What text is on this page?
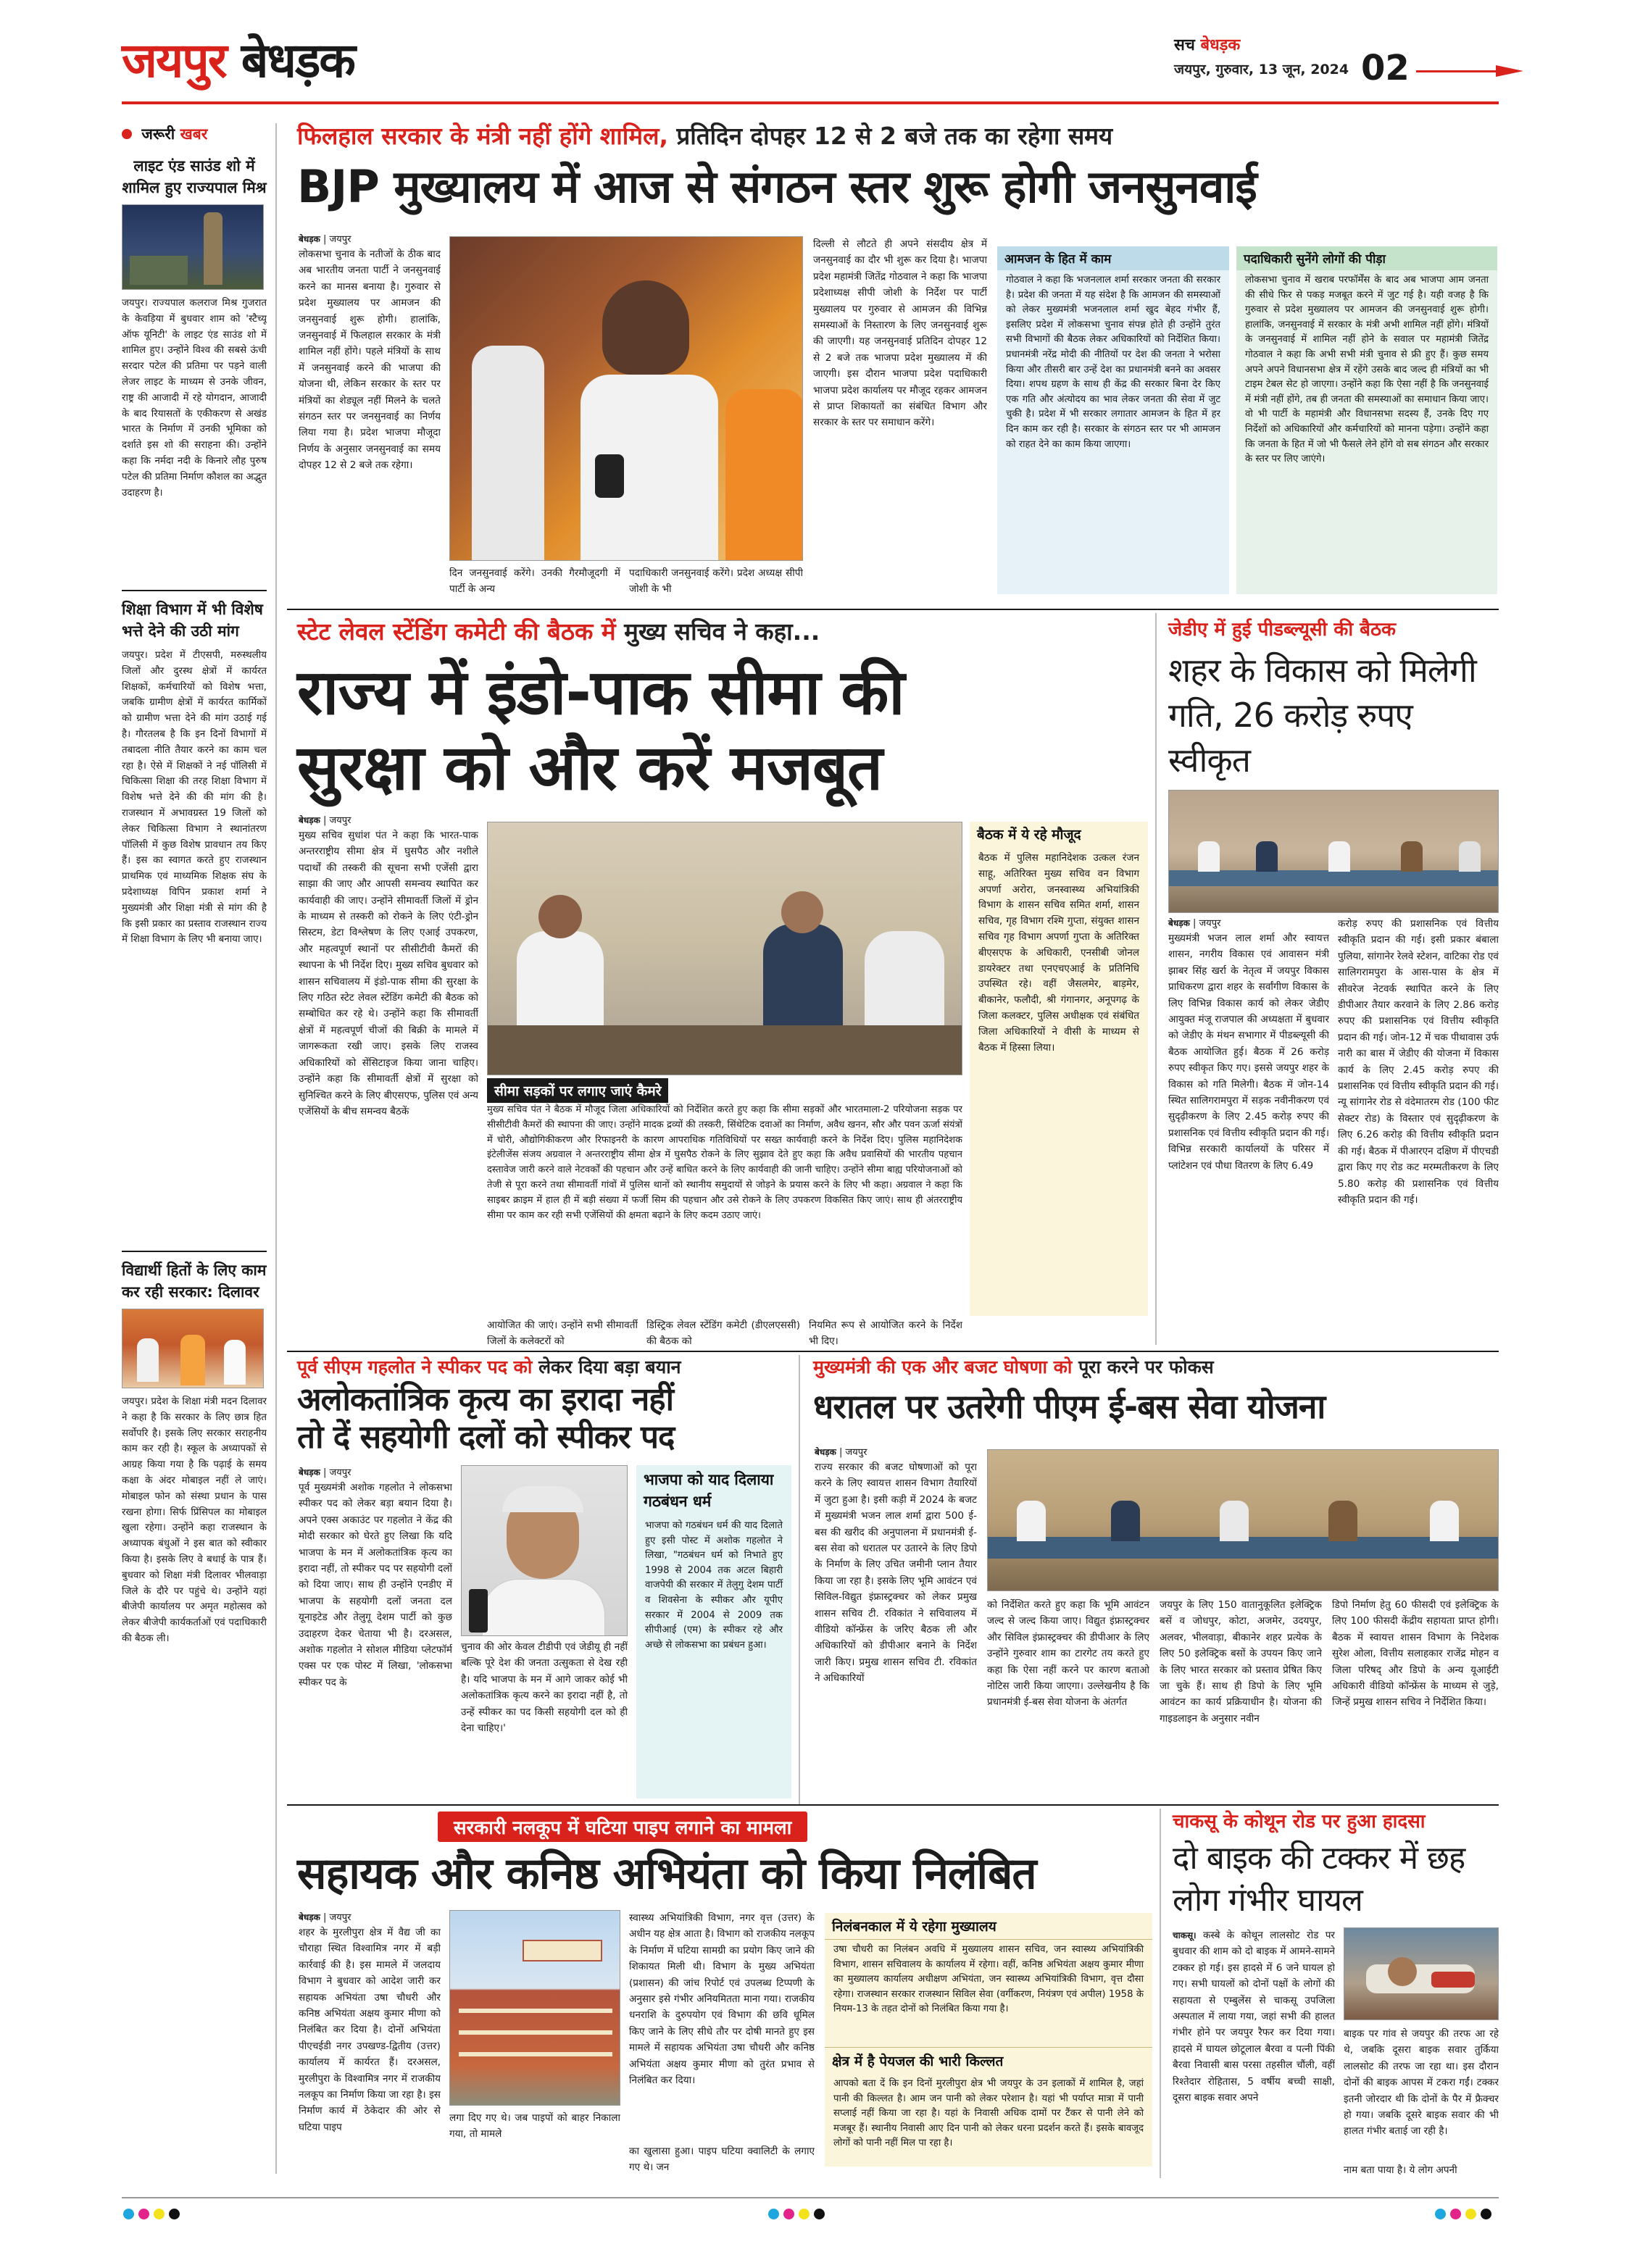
जयपुर बेधड़क	सच बेधड़क
जयपुर, गुरुवार, 13 जून, 2024 02
जरूरी खबर
लाइट एंड साउंड शो में शामिल हुए राज्यपाल मिश्र
जयपुर। राज्यपाल कलराज मिश्र गुजरात के केवड़िया में बुधवार शाम को 'स्टैच्यू ऑफ यूनिटी' के लाइट एंड साउंड शो में शामिल हुए। उन्होंने विश्व की सबसे ऊंची सरदार पटेल की प्रतिमा पर पड़ने वाली लेजर लाइट के माध्यम से उनके जीवन, राष्ट्र की आजादी में रहे योगदान, आजादी के बाद रियासतों के एकीकरण से अखंड भारत के निर्माण में उनकी भूमिका को दर्शाते इस शो की सराहना की। उन्होंने कहा कि नर्मदा नदी के किनारे लौह पुरुष पटेल की प्रतिमा निर्माण कौशल का अद्भुत उदाहरण है।
शिक्षा विभाग में भी विशेष भत्ते देने की उठी मांग
जयपुर। प्रदेश में टीएसपी, मरुस्थलीय जिलों और दुरस्थ क्षेत्रों में कार्यरत शिक्षकों, कर्मचारियों को विशेष भत्ता, जबकि ग्रामीण क्षेत्रों में कार्यरत कार्मिकों को ग्रामीण भत्ता देने की मांग उठाई गई है। गौरतलब है कि इन दिनों विभागों में तबादला नीति तैयार करने का काम चल रहा है। ऐसे में शिक्षकों ने नई पॉलिसी में चिकित्सा शिक्षा की तरह शिक्षा विभाग में विशेष भत्ते देने की की मांग की है। राजस्थान में अभावग्रस्त 19 जिलों को लेकर चिकित्सा विभाग ने स्थानांतरण पॉलिसी में कुछ विशेष प्रावधान तय किए हैं। इस का स्वागत करते हुए राजस्थान प्राथमिक एवं माध्यमिक शिक्षक संघ के प्रदेशाध्यक्ष विपिन प्रकाश शर्मा ने मुख्यमंत्री और शिक्षा मंत्री से मांग की है कि इसी प्रकार का प्रस्ताव राजस्थान राज्य में शिक्षा विभाग के लिए भी बनाया जाए।
विद्यार्थी हितों के लिए काम कर रही सरकार: दिलावर
जयपुर। प्रदेश के शिक्षा मंत्री मदन दिलावर ने कहा है कि सरकार के लिए छात्र हित सर्वोपरि है। इसके लिए सरकार सराहनीय काम कर रही है। स्कूल के अध्यापकों से आग्रह किया गया है कि पढ़ाई के समय कक्षा के अंदर मोबाइल नहीं ले जाएं। मोबाइल फोन को संस्था प्रधान के पास रखना होगा। सिर्फ प्रिंसिपल का मोबाइल खुला रहेगा। उन्होंने कहा राजस्थान के अध्यापक बंधुओं ने इस बात को स्वीकार किया है। इसके लिए वे बधाई के पात्र हैं। बुधवार को शिक्षा मंत्री दिलावर भीलवाड़ा जिले के दौरे पर पहुंचे थे। उन्होंने यहां बीजेपी कार्यालय पर अमृत महोत्सव को लेकर बीजेपी कार्यकर्ताओं एवं पदाधिकारी की बैठक ली।
फिलहाल सरकार के मंत्री नहीं होंगे शामिल, प्रतिदिन दोपहर 12 से 2 बजे तक का रहेगा समय
BJP मुख्यालय में आज से संगठन स्तर शुरू होगी जनसुनवाई
बेधड़क | जयपुर
लोकसभा चुनाव के नतीजों के ठीक बाद अब भारतीय जनता पार्टी ने जनसुनवाई करने का मानस बनाया है। गुरुवार से प्रदेश मुख्यालय पर आमजन की जनसुनवाई शुरू होगी। हालांकि, जनसुनवाई में फिलहाल सरकार के मंत्री शामिल नहीं होंगे। पहले मंत्रियों के साथ में जनसुनवाई करने की भाजपा की योजना थी, लेकिन सरकार के स्तर पर मंत्रियों का शेड्यूल नहीं मिलने के चलते संगठन स्तर पर जनसुनवाई का निर्णय लिया गया है। प्रदेश भाजपा मौजूदा निर्णय के अनुसार जनसुनवाई का समय दोपहर 12 से 2 बजे तक रहेगा।
दिन जनसुनवाई करेंगे। उनकी गैरमौजूदगी में पार्टी के अन्य
पदाधिकारी जनसुनवाई करेंगे। प्रदेश अध्यक्ष सीपी जोशी के भी
दिल्ली से लौटते ही अपने संसदीय क्षेत्र में जनसुनवाई का दौर भी शुरू कर दिया है। भाजपा प्रदेश महामंत्री जितेंद्र गोठवाल ने कहा कि भाजपा प्रदेशाध्यक्ष सीपी जोशी के निर्देश पर पार्टी मुख्यालय पर गुरुवार से आमजन की विभिन्न समस्याओं के निस्तारण के लिए जनसुनवाई शुरू की जाएगी। यह जनसुनवाई प्रतिदिन दोपहर 12 से 2 बजे तक भाजपा प्रदेश मुख्यालय में की जाएगी। इस दौरान भाजपा प्रदेश पदाधिकारी भाजपा प्रदेश कार्यालय पर मौजूद रहकर आमजन से प्राप्त शिकायतों का संबंधित विभाग और सरकार के स्तर पर समाधान करेंगे।
आमजन के हित में काम
गोठवाल ने कहा कि भजनलाल शर्मा सरकार जनता की सरकार है। प्रदेश की जनता में यह संदेश है कि आमजन की समस्याओं को लेकर मुख्यमंत्री भजनलाल शर्मा खुद बेहद गंभीर हैं, इसलिए प्रदेश में लोकसभा चुनाव संपन्न होते ही उन्होंने तुरंत सभी विभागों की बैठक लेकर अधिकारियों को निर्देशित किया। प्रधानमंत्री नरेंद्र मोदी की नीतियों पर देश की जनता ने भरोसा किया और तीसरी बार उन्हें देश का प्रधानमंत्री बनने का अवसर दिया। शपथ ग्रहण के साथ ही केंद्र की सरकार बिना देर किए एक गति और अंत्योदय का भाव लेकर जनता की सेवा में जुट चुकी है। प्रदेश में भी सरकार लगातार आमजन के हित में हर दिन काम कर रही है। सरकार के संगठन स्तर पर भी आमजन को राहत देने का काम किया जाएगा।
पदाधिकारी सुनेंगे लोगों की पीड़ा
लोकसभा चुनाव में खराब परफॉर्मेंस के बाद अब भाजपा आम जनता की सीधे फिर से पकड़ मजबूत करने में जुट गई है। यही वजह है कि गुरुवार से प्रदेश मुख्यालय पर आमजन की जनसुनवाई शुरू होगी। हालांकि, जनसुनवाई में सरकार के मंत्री अभी शामिल नहीं होंगे। मंत्रियों के जनसुनवाई में शामिल नहीं होने के सवाल पर महामंत्री जितेंद्र गोठवाल ने कहा कि अभी सभी मंत्री चुनाव से फ्री हुए हैं। कुछ समय अपने अपने विधानसभा क्षेत्र में रहेंगे उसके बाद जल्द ही मंत्रियों का भी टाइम टेबल सेट हो जाएगा। उन्होंने कहा कि ऐसा नहीं है कि जनसुनवाई में मंत्री नहीं होंगे, तब ही जनता की समस्याओं का समाधान किया जाए। वो भी पार्टी के महामंत्री और विधानसभा सदस्य हैं, उनके दिए गए निर्देशों को अधिकारियों और कर्मचारियों को मानना पड़ेगा। उन्होंने कहा कि जनता के हित में जो भी फैसले लेने होंगे वो सब संगठन और सरकार के स्तर पर लिए जाएंगे।
स्टेट लेवल स्टेंडिंग कमेटी की बैठक में मुख्य सचिव ने कहा...
राज्य में इंडो-पाक सीमा की
सुरक्षा को और करें मजबूत
बेधड़क | जयपुर
मुख्य सचिव सुधांश पंत ने कहा कि भारत-पाक अन्तरराष्ट्रीय सीमा क्षेत्र में घुसपैठ और नशीले पदार्थों की तस्करी की सूचना सभी एजेंसी द्वारा साझा की जाए और आपसी समन्वय स्थापित कर कार्यवाही की जाए। उन्होंने सीमावर्ती जिलों में ड्रोन के माध्यम से तस्करी को रोकने के लिए एंटी-ड्रोन सिस्टम, डेटा विश्लेषण के लिए एआई उपकरण, और महत्वपूर्ण स्थानों पर सीसीटीवी कैमरों की स्थापना के भी निर्देश दिए। मुख्य सचिव बुधवार को शासन सचिवालय में इंडो-पाक सीमा की सुरक्षा के लिए गठित स्टेट लेवल स्टेंडिंग कमेटी की बैठक को सम्बोधित कर रहे थे। उन्होंने कहा कि सीमावर्ती क्षेत्रों में महत्वपूर्ण चीजों की बिक्री के मामले में जागरूकता रखी जाए। इसके लिए राजस्व अधिकारियों को सेंसिटाइज किया जाना चाहिए। उन्होंने कहा कि सीमावर्ती क्षेत्रों में सुरक्षा को सुनिश्चित करने के लिए बीएसएफ, पुलिस एवं अन्य एजेंसियों के बीच समन्वय बैठकें
बैठक में ये रहे मौजूद
बैठक में पुलिस महानिदेशक उत्कल रंजन साहू, अतिरिक्त मुख्य सचिव वन विभाग अपर्णा अरोरा, जनस्वास्थ्य अभियांत्रिकी विभाग के शासन सचिव समित शर्मा, शासन सचिव, गृह विभाग रश्मि गुप्ता, संयुक्त शासन सचिव गृह विभाग अपर्णा गुप्ता के अतिरिक्त बीएसएफ के अधिकारी, एनसीबी जोनल डायरेक्टर तथा एनएचएआई के प्रतिनिधि उपस्थित रहे। वहीं जैसलमेर, बाड़मेर, बीकानेर, फलौदी, श्री गंगानगर, अनूपगढ़ के जिला कलक्टर, पुलिस अधीक्षक एवं संबंधित जिला अधिकारियों ने वीसी के माध्यम से बैठक में हिस्सा लिया।
सीमा सड़कों पर लगाए जाएं कैमरे
मुख्य सचिव पंत ने बैठक में मौजूद जिला अधिकारियों को निर्देशित करते हुए कहा कि सीमा सड़कों और भारतमाला-2 परियोजना सड़क पर सीसीटीवी कैमरों की स्थापना की जाए। उन्होंने मादक द्रव्यों की तस्करी, सिंथेटिक दवाओं का निर्माण, अवैध खनन, सौर और पवन ऊर्जा संयंत्रों में चोरी, औद्योगिकीकरण और रिफाइनरी के कारण आपराधिक गतिविधियों पर सख्त कार्यवाही करने के निर्देश दिए। पुलिस महानिदेशक इंटेलीजेंस संजय अग्रवाल ने अन्तरराष्ट्रीय सीमा क्षेत्र में घुसपैठ रोकने के लिए सुझाव देते हुए कहा कि अवैध प्रवासियों की भारतीय पहचान दस्तावेज जारी करने वाले नेटवर्कों की पहचान और उन्हें बाधित करने के लिए कार्यवाही की जानी चाहिए। उन्होंने सीमा बाह्य परियोजनाओं को तेजी से पूरा करने तथा सीमावर्ती गांवों में पुलिस थानों को स्थानीय समुदायों से जोड़ने के प्रयास करने के लिए भी कहा। अग्रवाल ने कहा कि साइबर क्राइम में हाल ही में बड़ी संख्या में फर्जी सिम की पहचान और उसे रोकने के लिए उपकरण विकसित किए जाएं। साथ ही अंतरराष्ट्रीय सीमा पर काम कर रही सभी एजेंसियों की क्षमता बढ़ाने के लिए कदम उठाए जाएं।
आयोजित की जाएं। उन्होंने सभी सीमावर्ती जिलों के कलेक्टरों को
डिस्ट्रिक लेवल स्टेंडिंग कमेटी (डीएलएससी) की बैठक को
नियमित रूप से आयोजित करने के निर्देश भी दिए।
जेडीए में हुई पीडब्ल्यूसी की बैठक
शहर के विकास को मिलेगी गति, 26 करोड़ रुपए स्वीकृत
बेधड़क | जयपुर
मुख्यमंत्री भजन लाल शर्मा और स्वायत्त शासन, नगरीय विकास एवं आवासन मंत्री झाबर सिंह खर्रा के नेतृत्व में जयपुर विकास प्राधिकरण द्वारा शहर के सर्वांगीण विकास के लिए विभिन्न विकास कार्य को लेकर जेडीए आयुक्त मंजू राजपाल की अध्यक्षता में बुधवार को जेडीए के मंथन सभागार में पीडब्ल्यूसी की बैठक आयोजित हुई। बैठक में 26 करोड़ रुपए स्वीकृत किए गए। इससे जयपुर शहर के विकास को गति मिलेगी। बैठक में जोन-14 स्थित सालिगरामपुरा में सड़क नवीनीकरण एवं सुदृढ़ीकरण के लिए 2.45 करोड़ रुपए की प्रशासनिक एवं वित्तीय स्वीकृति प्रदान की गई। विभिन्न सरकारी कार्यालयों के परिसर में प्लांटेशन एवं पौधा वितरण के लिए 6.49
करोड़ रुपए की प्रशासनिक एवं वित्तीय स्वीकृति प्रदान की गई। इसी प्रकार बंबाला पुलिया, सांगानेर रेलवे स्टेशन, वाटिका रोड एवं सालिगरामपुरा के आस-पास के क्षेत्र में सीवरेज नेटवर्क स्थापित करने के लिए डीपीआर तैयार करवाने के लिए 2.86 करोड़ रुपए की प्रशासनिक एवं वित्तीय स्वीकृति प्रदान की गई। जोन-12 में चक पीथावास उर्फ नारी का बास में जेडीए की योजना में विकास कार्य के लिए 2.45 करोड़ रुपए की प्रशासनिक एवं वित्तीय स्वीकृति प्रदान की गई। न्यू सांगानेर रोड से वंदेमातरम रोड (100 फीट सेक्टर रोड) के विस्तार एवं सुदृढ़ीकरण के लिए 6.26 करोड़ की वित्तीय स्वीकृति प्रदान की गई। बैठक में पीआरएन दक्षिण में पीएचडी द्वारा किए गए रोड कट मरम्मतीकरण के लिए 5.80 करोड़ की प्रशासनिक एवं वित्तीय स्वीकृति प्रदान की गई।
पूर्व सीएम गहलोत ने स्पीकर पद को लेकर दिया बड़ा बयान
अलोकतांत्रिक कृत्य का इरादा नहीं
तो दें सहयोगी दलों को स्पीकर पद
बेधड़क | जयपुर
पूर्व मुख्यमंत्री अशोक गहलोत ने लोकसभा स्पीकर पद को लेकर बड़ा बयान दिया है। अपने एक्स अकाउंट पर गहलोत ने केंद्र की मोदी सरकार को घेरते हुए लिखा कि यदि भाजपा के मन में अलोकतांत्रिक कृत्य का इरादा नहीं, तो स्पीकर पद पर सहयोगी दलों को दिया जाए। साथ ही उन्होंने एनडीए में भाजपा के सहयोगी दलों जनता दल यूनाइटेड और तेलुगू देशम पार्टी को कुछ उदाहरण देकर चेताया भी है। दरअसल, अशोक गहलोत ने सोशल मीडिया प्लेटफॉर्म एक्स पर एक पोस्ट में लिखा, 'लोकसभा स्पीकर पद के
चुनाव की ओर केवल टीडीपी एवं जेडीयू ही नहीं बल्कि पूरे देश की जनता उत्सुकता से देख रही है। यदि भाजपा के मन में आगे जाकर कोई भी अलोकतांत्रिक कृत्य करने का इरादा नहीं है, तो उन्हें स्पीकर का पद किसी सहयोगी दल को ही देना चाहिए।'
भाजपा को याद दिलाया गठबंधन धर्म
भाजपा को गठबंधन धर्म की याद दिलाते हुए इसी पोस्ट में अशोक गहलोत ने लिखा, "गठबंधन धर्म को निभाते हुए 1998 से 2004 तक अटल बिहारी वाजपेयी की सरकार में तेलुगु देशम पार्टी व शिवसेना के स्पीकर और यूपीए सरकार में 2004 से 2009 तक सीपीआई (एम) के स्पीकर रहे और अच्छे से लोकसभा का प्रबंधन हुआ।
मुख्यमंत्री की एक और बजट घोषणा को पूरा करने पर फोकस
धरातल पर उतरेगी पीएम ई-बस सेवा योजना
बेधड़क | जयपुर
राज्य सरकार की बजट घोषणाओं को पूरा करने के लिए स्वायत्त शासन विभाग तैयारियों में जुटा हुआ है। इसी कड़ी में 2024 के बजट में मुख्यमंत्री भजन लाल शर्मा द्वारा 500 ई-बस की खरीद की अनुपालना में प्रधानमंत्री ई-बस सेवा को धरातल पर उतारने के लिए डिपो के निर्माण के लिए उचित जमीनी प्लान तैयार किया जा रहा है। इसके लिए भूमि आवंटन एवं सिविल-विद्युत इंफ्रास्ट्रक्चर को लेकर प्रमुख शासन सचिव टी. रविकांत ने सचिवालय में वीडियो कॉन्फ्रेंस के जरिए बैठक ली और अधिकारियों को डीपीआर बनाने के निर्देश जारी किए। प्रमुख शासन सचिव टी. रविकांत ने अधिकारियों
को निर्देशित करते हुए कहा कि भूमि आवंटन जल्द से जल्द किया जाए। विद्युत इंफ्रास्ट्रक्चर और सिविल इंफ्रास्ट्रक्चर की डीपीआर के लिए उन्होंने गुरुवार शाम का टारगेट तय करते हुए कहा कि ऐसा नहीं करने पर कारण बताओ नोटिस जारी किया जाएगा। उल्लेखनीय है कि प्रधानमंत्री ई-बस सेवा योजना के अंतर्गत
जयपुर के लिए 150 वातानुकूलित इलेक्ट्रिक बसें व जोधपुर, कोटा, अजमेर, उदयपुर, अलवर, भीलवाड़ा, बीकानेर शहर प्रत्येक के लिए 50 इलेक्ट्रिक बसों के उपयन किए जाने के लिए भारत सरकार को प्रस्ताव प्रेषित किए जा चुके हैं। साथ ही डिपो के लिए भूमि आवंटन का कार्य प्रक्रियाधीन है। योजना की गाइडलाइन के अनुसार नवीन
डिपो निर्माण हेतु 60 फीसदी एवं इलेक्ट्रिक के लिए 100 फीसदी केंद्रीय सहायता प्राप्त होगी। बैठक में स्वायत्त शासन विभाग के निदेशक सुरेश ओला, वित्तीय सलाहकार राजेंद्र मोहन व जिला परिषद् और डिपो के अन्य यूआईटी अधिकारी वीडियो कॉन्फ्रेंस के माध्यम से जुड़े, जिन्हें प्रमुख शासन सचिव ने निर्देशित किया।
सरकारी नलकूप में घटिया पाइप लगाने का मामला
सहायक और कनिष्ठ अभियंता को किया निलंबित
बेधड़क | जयपुर
शहर के मुरलीपुरा क्षेत्र में वैद्य जी का चौराहा स्थित विश्वामित्र नगर में बड़ी कार्रवाई की है। इस मामले में जलदाय विभाग ने बुधवार को आदेश जारी कर सहायक अभियंता उषा चौधरी और कनिष्ठ अभियंता अक्षय कुमार मीणा को निलंबित कर दिया है। दोनों अभियंता पीएचईडी नगर उपखण्ड-द्वितीय (उत्तर) कार्यालय में कार्यरत हैं। दरअसल, मुरलीपुरा के विश्वामित्र नगर में राजकीय नलकूप का निर्माण किया जा रहा है। इस निर्माण कार्य में ठेकेदार की ओर से घटिया पाइप
लगा दिए गए थे। जब पाइपों को बाहर निकाला गया, तो मामले
स्वास्थ्य अभियांत्रिकी विभाग, नगर वृत्त (उत्तर) के अधीन यह क्षेत्र आता है। विभाग को राजकीय नलकूप के निर्माण में घटिया सामग्री का प्रयोग किए जाने की शिकायत मिली थी। विभाग के मुख्य अभियंता (प्रशासन) की जांच रिपोर्ट एवं उपलब्ध टिप्पणी के अनुसार इसे गंभीर अनियमितता माना गया। राजकीय धनराशि के दुरुपयोग एवं विभाग की छवि धूमिल किए जाने के लिए सीधे तौर पर दोषी मानते हुए इस मामले में सहायक अभियंता उषा चौधरी और कनिष्ठ अभियंता अक्षय कुमार मीणा को तुरंत प्रभाव से निलंबित कर दिया।
का खुलासा हुआ। पाइप घटिया क्वालिटी के लगाए गए थे। जन
निलंबनकाल में ये रहेगा मुख्यालय
उषा चौधरी का निलंबन अवधि में मुख्यालय शासन सचिव, जन स्वास्थ्य अभियांत्रिकी विभाग, शासन सचिवालय के कार्यालय में रहेगा। वहीं, कनिष्ठ अभियंता अक्षय कुमार मीणा का मुख्यालय कार्यालय अधीक्षण अभियंता, जन स्वास्थ्य अभियांत्रिकी विभाग, वृत्त दौसा रहेगा। राजस्थान सरकार राजस्थान सिविल सेवा (वर्गीकरण, नियंत्रण एवं अपील) 1958 के नियम-13 के तहत दोनों को निलंबित किया गया है।
क्षेत्र में है पेयजल की भारी किल्लत
आपको बता दें कि इन दिनों मुरलीपुरा क्षेत्र भी जयपुर के उन इलाकों में शामिल है, जहां पानी की किल्लत है। आम जन पानी को लेकर परेशान है। यहां भी पर्याप्त मात्रा में पानी सप्लाई नहीं किया जा रहा है। यहां के निवासी अधिक दामों पर टैंकर से पानी लेने को मजबूर हैं। स्थानीय निवासी आए दिन पानी को लेकर धरना प्रदर्शन करते हैं। इसके बावजूद लोगों को पानी नहीं मिल पा रहा है।
चाकसू के कोथून रोड पर हुआ हादसा
दो बाइक की टक्कर में छह लोग गंभीर घायल
चाकसू। कस्बे के कोथून लालसोट रोड पर बुधवार की शाम को दो बाइक में आमने-सामने टक्कर हो गई। इस हादसे में 6 जने घायल हो गए। सभी घायलों को दोनों पक्षों के लोगों की सहायता से एम्बुलेंस से चाकसू उपजिला अस्पताल में लाया गया, जहां सभी की हालत गंभीर होने पर जयपुर रैफर कर दिया गया। हादसे में घायल छोटूलाल बैरवा व पत्नी पिंकी बैरवा निवासी बास परसा तहसील चौंली, वहीं रिश्तेदार रोहितास, 5 वर्षीय बच्ची साक्षी, दूसरा बाइक सवार अपने
बाइक पर गांव से जयपुर की तरफ आ रहे थे, जबकि दूसरा बाइक सवार तुर्किया लालसोट की तरफ जा रहा था। इस दौरान दोनों की बाइक आपस में टकरा गईं। टक्कर इतनी जोरदार थी कि दोनों के पैर में फ्रैक्चर हो गया। जबकि दूसरे बाइक सवार की भी हालत गंभीर बताई जा रही है।
नाम बता पाया है। ये लोग अपनी
